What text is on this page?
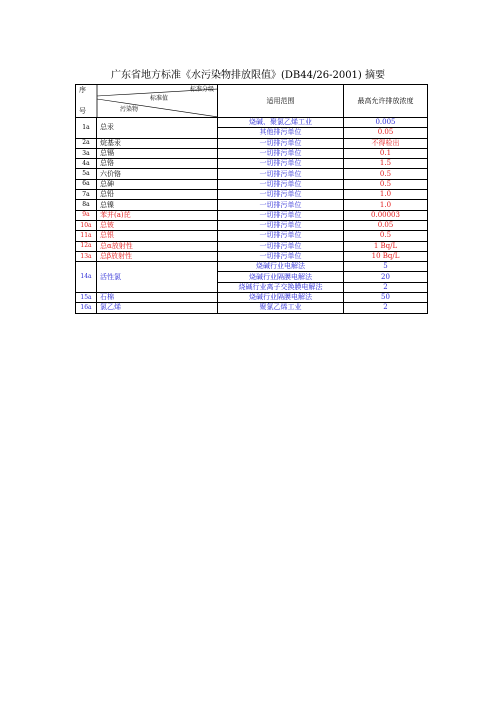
广东省地方标准《水污染物排放限值》(DB44/26-2001) 摘要
序
号
标准分级
标准值
污染物		适用范围	最高允许排放浓度
1a	总汞	烧碱、聚氯乙烯工业	0.005
		其他排污单位	0.05
2a	烷基汞	一切排污单位	不得检出
3a	总镉	一切排污单位	0.1
4a	总铬	一切排污单位	1.5
5a	六价铬	一切排污单位	0.5
6a	总砷	一切排污单位	0.5
7a	总铅	一切排污单位	1.0
8a	总镍	一切排污单位	1.0
9a	苯并(a)芘	一切排污单位	0.00003
10a	总铍	一切排污单位	0.05
11a	总银	一切排污单位	0.5
12a	总α放射性	一切排污单位	1 Bq/L
13a	总β放射性	一切排污单位	10 Bq/L
14a	活性氯	烧碱行业电解法	5
		烧碱行业隔膜电解法	20
		烧碱行业离子交换膜电解法	2
15a	石棉	烧碱行业隔膜电解法	50
16a	氯乙烯	聚氯乙烯工业	2
